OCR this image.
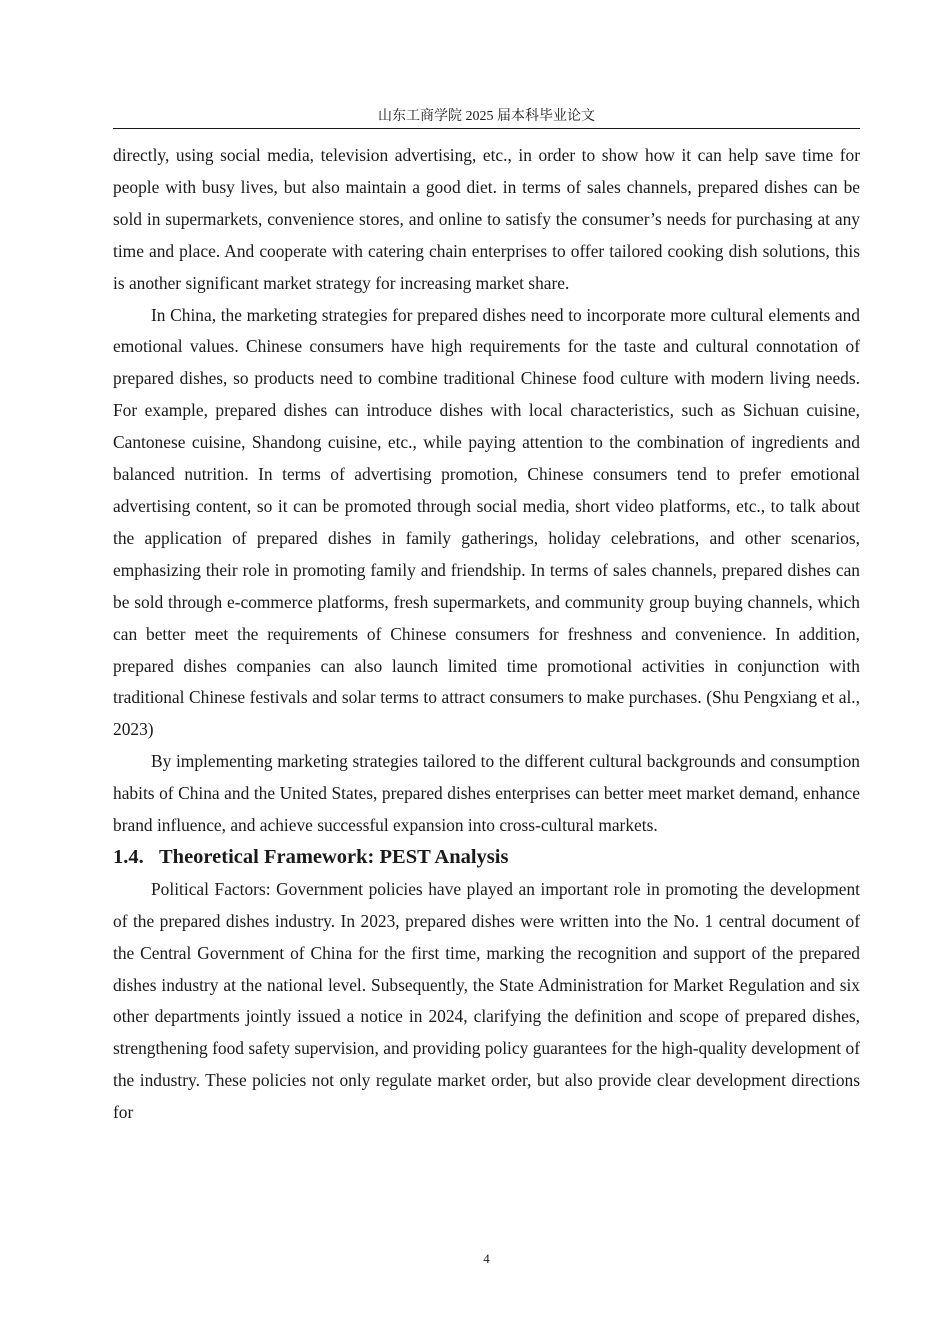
山东工商学院 2025 届本科毕业论文

directly, using social media, television advertising, etc., in order to show how it can help save time for people with busy lives, but also maintain a good diet. in terms of sales channels, prepared dishes can be sold in supermarkets, convenience stores, and online to satisfy the consumer’s needs for purchasing at any time and place. And cooperate with catering chain enterprises to offer tailored cooking dish solutions, this is another significant market strategy for increasing market share.

In China, the marketing strategies for prepared dishes need to incorporate more cultural elements and emotional values. Chinese consumers have high requirements for the taste and cultural connotation of prepared dishes, so products need to combine traditional Chinese food culture with modern living needs. For example, prepared dishes can introduce dishes with local characteristics, such as Sichuan cuisine, Cantonese cuisine, Shandong cuisine, etc., while paying attention to the combination of ingredients and balanced nutrition. In terms of advertising promotion, Chinese consumers tend to prefer emotional advertising content, so it can be promoted through social media, short video platforms, etc., to talk about the application of prepared dishes in family gatherings, holiday celebrations, and other scenarios, emphasizing their role in promoting family and friendship. In terms of sales channels, prepared dishes can be sold through e-commerce platforms, fresh supermarkets, and community group buying channels, which can better meet the requirements of Chinese consumers for freshness and convenience. In addition, prepared dishes companies can also launch limited time promotional activities in conjunction with traditional Chinese festivals and solar terms to attract consumers to make purchases. (Shu Pengxiang et al., 2023)

By implementing marketing strategies tailored to the different cultural backgrounds and consumption habits of China and the United States, prepared dishes enterprises can better meet market demand, enhance brand influence, and achieve successful expansion into cross-cultural markets.

1.4. Theoretical Framework: PEST Analysis

Political Factors: Government policies have played an important role in promoting the development of the prepared dishes industry. In 2023, prepared dishes were written into the No. 1 central document of the Central Government of China for the first time, marking the recognition and support of the prepared dishes industry at the national level. Subsequently, the State Administration for Market Regulation and six other departments jointly issued a notice in 2024, clarifying the definition and scope of prepared dishes, strengthening food safety supervision, and providing policy guarantees for the high-quality development of the industry. These policies not only regulate market order, but also provide clear development directions for

4
